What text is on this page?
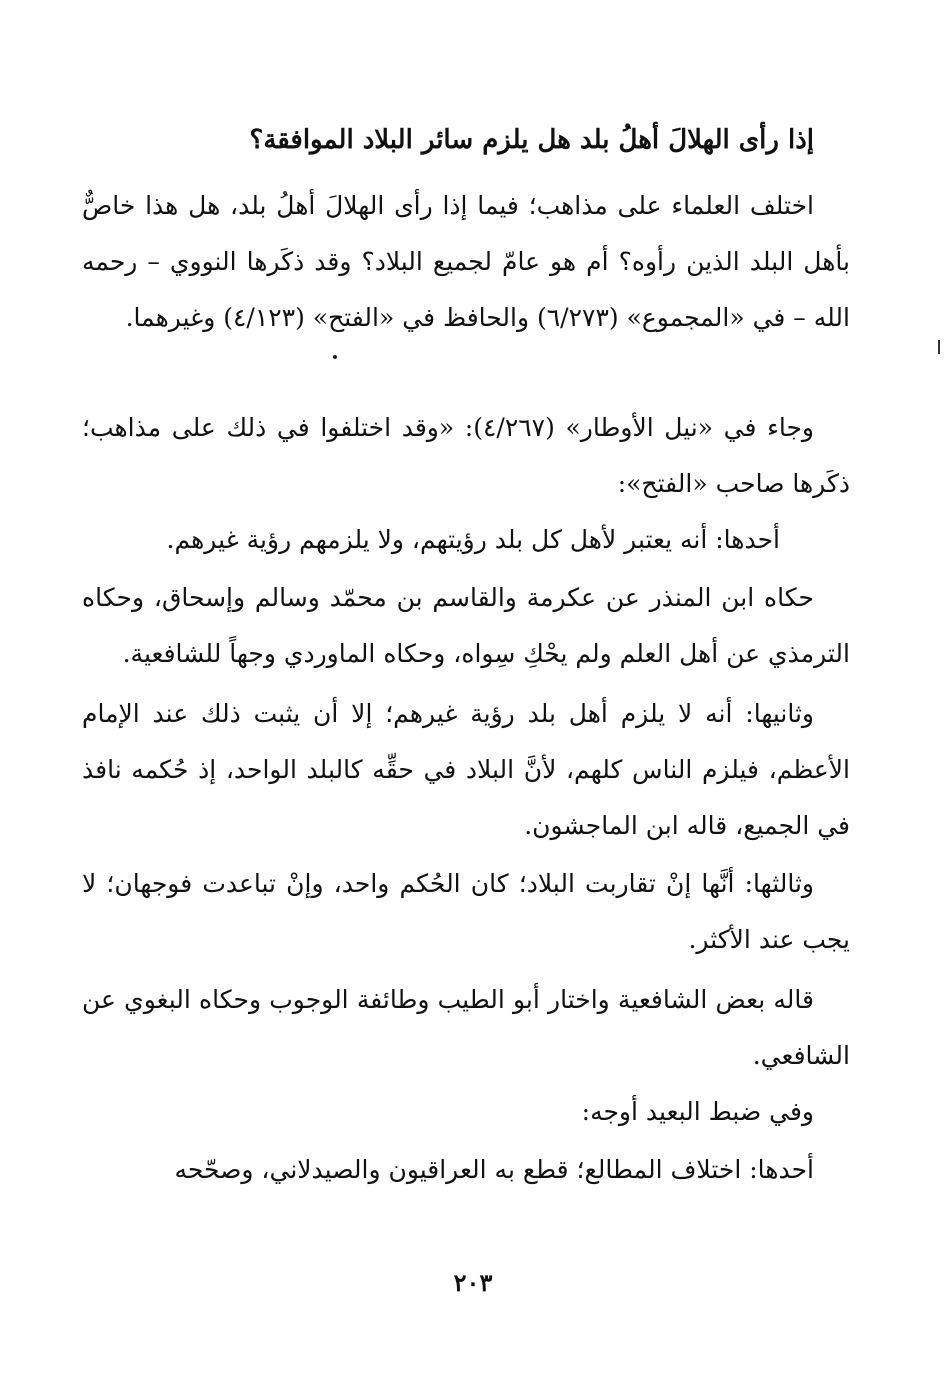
إذا رأى الهلالَ أهلُ بلد هل يلزم سائر البلاد الموافقة؟
اختلف العلماء على مذاهب؛ فيما إذا رأى الهلالَ أهلُ بلد، هل هذا خاصٌّ بأهل البلد الذين رأوه؟ أم هو عامّ لجميع البلاد؟ وقد ذكَرها النووي – رحمه الله – في «المجموع» (٦/٢٧٣) والحافظ في «الفتح» (٤/١٢٣) وغيرهما.
وجاء في «نيل الأوطار» (٤/٢٦٧): «وقد اختلفوا في ذلك على مذاهب؛ ذكَرها صاحب «الفتح»:
أحدها: أنه يعتبر لأهل كل بلد رؤيتهم، ولا يلزمهم رؤية غيرهم.
حكاه ابن المنذر عن عكرمة والقاسم بن محمّد وسالم وإسحاق، وحكاه الترمذي عن أهل العلم ولم يحْكِ سِواه، وحكاه الماوردي وجهاً للشافعية.
وثانيها: أنه لا يلزم أهل بلد رؤية غيرهم؛ إلا أن يثبت ذلك عند الإمام الأعظم، فيلزم الناس كلهم، لأنَّ البلاد في حقِّه كالبلد الواحد، إذ حُكمه نافذ في الجميع، قاله ابن الماجشون.
وثالثها: أنَّها إنْ تقاربت البلاد؛ كان الحُكم واحد، وإنْ تباعدت فوجهان؛ لا يجب عند الأكثر.
قاله بعض الشافعية واختار أبو الطيب وطائفة الوجوب وحكاه البغوي عن الشافعي.
وفي ضبط البعيد أوجه:
أحدها: اختلاف المطالع؛ قطع به العراقيون والصيدلاني، وصحّحه
٢٠٣
